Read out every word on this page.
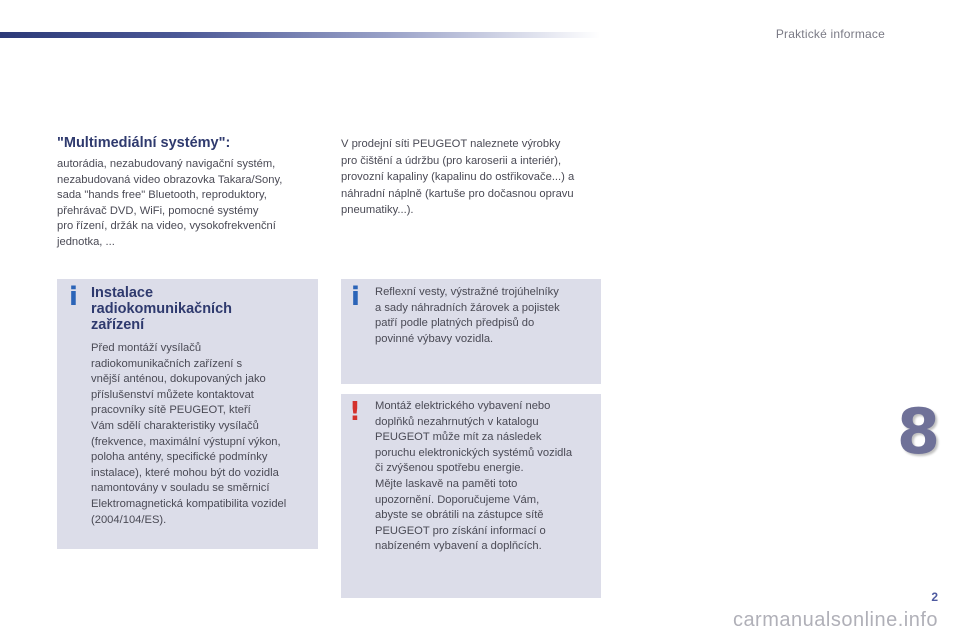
Praktické informace
"Multimediální systémy":
autorádia, nezabudovaný navigační systém,
nezabudovaná video obrazovka Takara/Sony,
sada "hands free" Bluetooth, reproduktory,
přehrávač DVD, WiFi, pomocné systémy
pro řízení, držák na video, vysokofrekvenční
jednotka, ...
V prodejní síti PEUGEOT naleznete výrobky
pro čištění a údržbu (pro karoserii a interiér),
provozní kapaliny (kapalinu do ostřikovače...) a
náhradní náplně (kartuše pro dočasnou opravu
pneumatiky...).
i Instalace
radiokomunikačních
zařízení

Před montáží vysílačů
radiokomunikačních zařízení s
vnější anténou, dokupovaných jako
příslušenství můžete kontaktovat
pracovníky sítě PEUGEOT, kteří
Vám sdělí charakteristiky vysílačů
(frekvence, maximální výstupní výkon,
poloha antény, specifické podmínky
instalace), které mohou být do vozidla
namontovány v souladu se směrnicí
Elektromagnetická kompatibilita vozidel
(2004/104/ES).

i Reflexní vesty, výstražné trojúhelníky
a sady náhradních žárovek a pojistek
patří podle platných předpisů do
povinné výbavy vozidla.

! Montáž elektrického vybavení nebo
doplňků nezahrnutých v katalogu
PEUGEOT může mít za následek
poruchu elektronických systémů vozidla
či zvýšenou spotřebu energie.
Mějte laskavě na paměti toto
upozornění. Doporučujeme Vám,
abyste se obrátili na zástupce sítě
PEUGEOT pro získání informací o
nabízeném vybavení a doplňcích.

8
carmanualsonline.info
2
